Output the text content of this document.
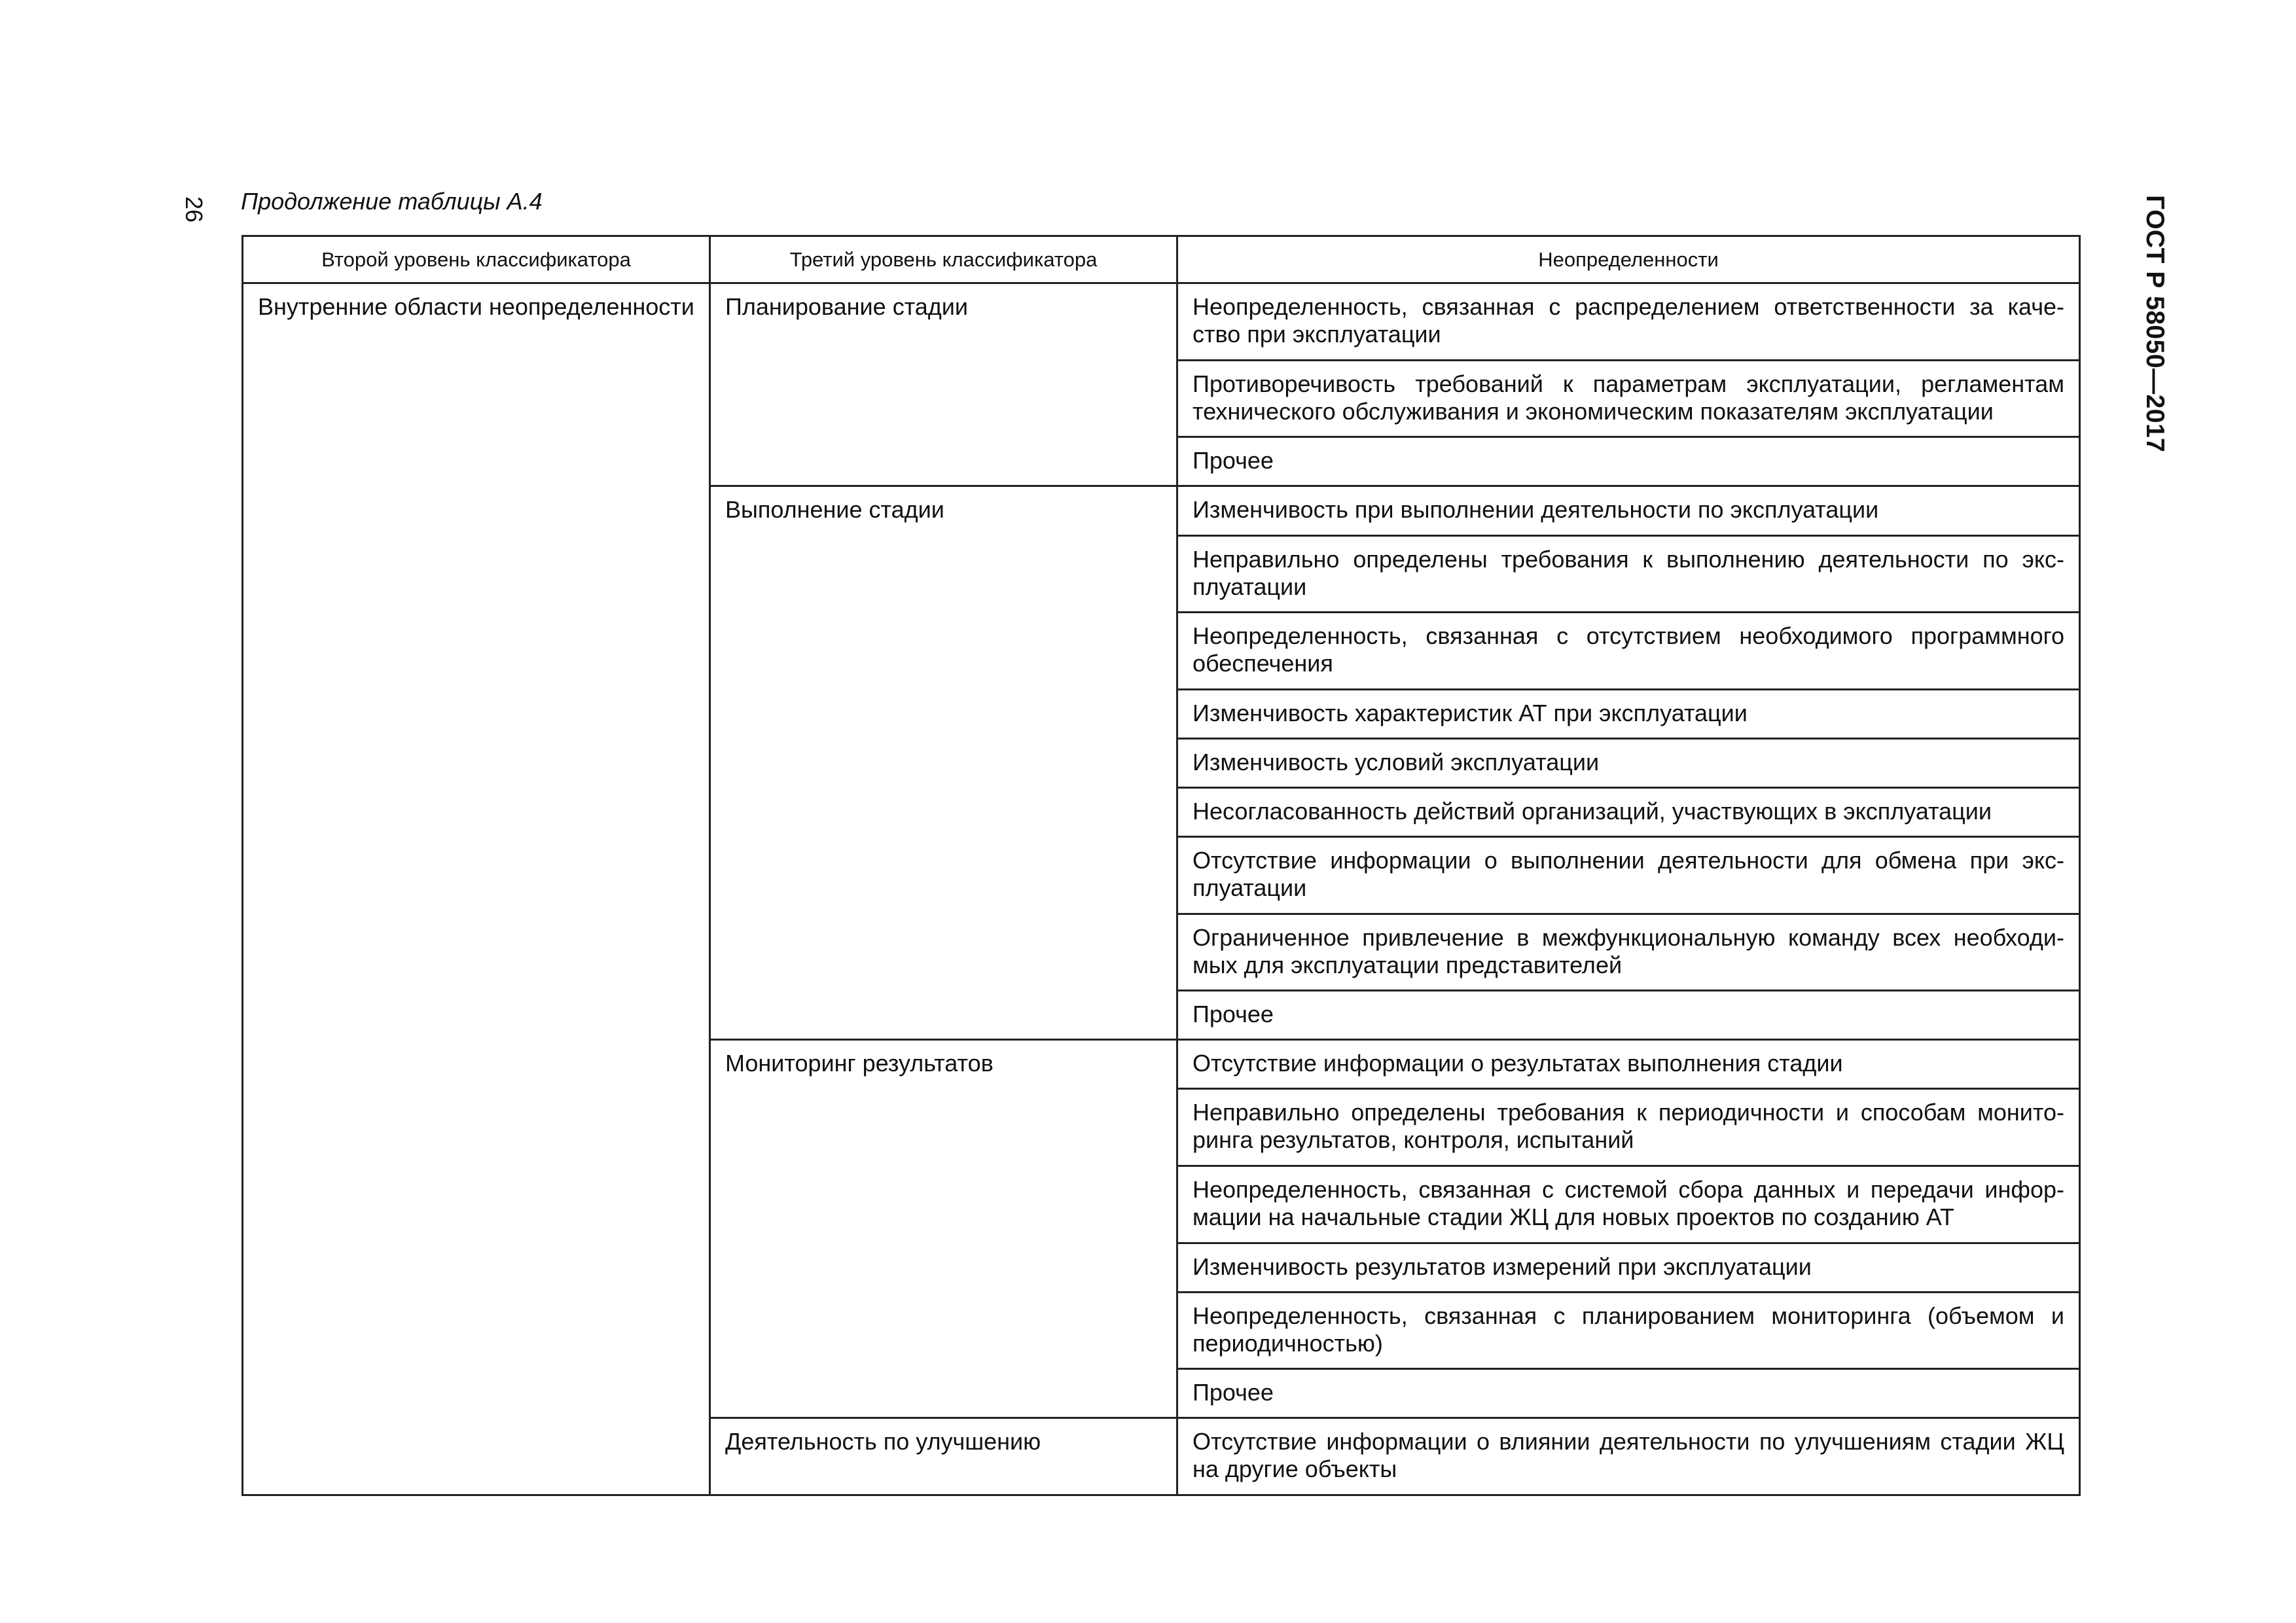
26 Продолжение таблицы А.4	ГОСТ Р 58050—2017
Второй уровень классификатора	Третий уровень классификатора	Неопределенности
Внутренние области неопределенности	Планирование стадии	Неопределенность, связанная с распределением ответственности за каче-ство при эксплуатации
		Противоречивость требований к параметрам эксплуатации, регламентам технического обслуживания и экономическим показателям эксплуатации
		Прочее
	Выполнение стадии	Изменчивость при выполнении деятельности по эксплуатации
		Неправильно определены требования к выполнению деятельности по экс-плуатации
		Неопределенность, связанная с отсутствием необходимого программного обеспечения
		Изменчивость характеристик АТ при эксплуатации
		Изменчивость условий эксплуатации
		Несогласованность действий организаций, участвующих в эксплуатации
		Отсутствие информации о выполнении деятельности для обмена при экс-плуатации
		Ограниченное привлечение в межфункциональную команду всех необходи-мых для эксплуатации представителей
		Прочее
	Мониторинг результатов	Отсутствие информации о результатах выполнения стадии
		Неправильно определены требования к периодичности и способам монито-ринга результатов, контроля, испытаний
		Неопределенность, связанная с системой сбора данных и передачи инфор-мации на начальные стадии ЖЦ для новых проектов по созданию АТ
		Изменчивость результатов измерений при эксплуатации
		Неопределенность, связанная с планированием мониторинга (объемом и периодичностью)
		Прочее
	Деятельность по улучшению	Отсутствие информации о влиянии деятельности по улучшениям стадии ЖЦ на другие объекты
